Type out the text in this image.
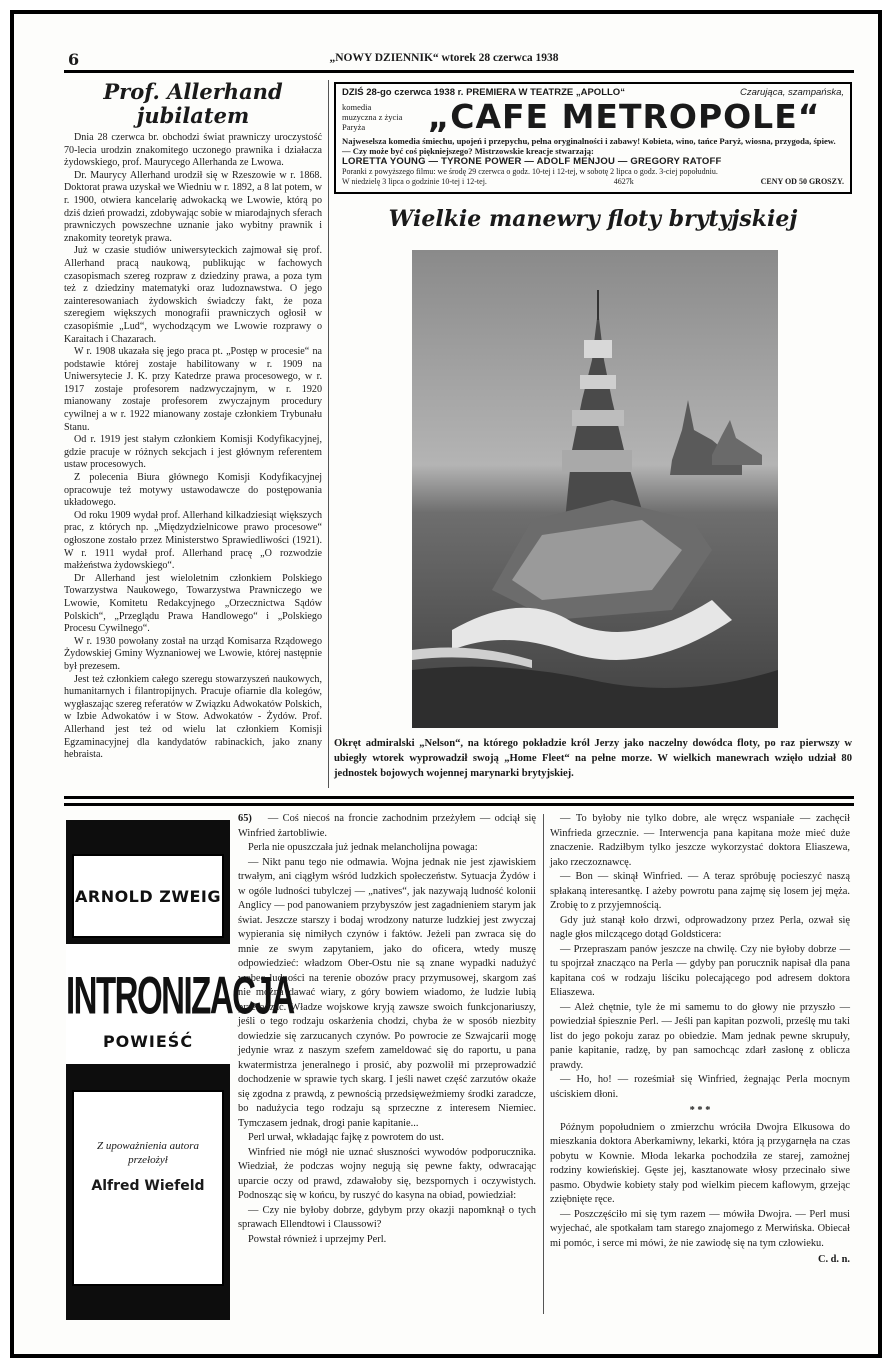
6	„NOWY DZIENNIK“ wtorek 28 czerwca 1938
Prof. Allerhand
jubilatem

Dnia 28 czerwca br. obchodzi świat prawniczy uroczystość 70-lecia urodzin znakomitego uczonego prawnika i działacza żydowskiego, prof. Maurycego Allerhanda ze Lwowa.

Dr. Maurycy Allerhand urodził się w Rzeszowie w r. 1868. Doktorat prawa uzyskał we Wiedniu w r. 1892, a 8 lat potem, w r. 1900, otwiera kancelarię adwokacką we Lwowie, którą po dziś dzień prowadzi, zdobywając sobie w miarodajnych sferach prawniczych powszechne uznanie jako wybitny prawnik i znakomity teoretyk prawa.

Już w czasie studiów uniwersyteckich zajmował się prof. Allerhand pracą naukową, publikując w fachowych czasopismach szereg rozpraw z dziedziny prawa, a poza tym też z dziedziny matematyki oraz ludoznawstwa. O jego zainteresowaniach żydowskich świadczy fakt, że poza szeregiem większych monografii prawniczych ogłosił w czasopiśmie „Lud“, wychodzącym we Lwowie rozprawy o Karaitach i Chazarach.

W r. 1908 ukazała się jego praca pt. „Postęp w procesie“ na podstawie której zostaje habilitowany w r. 1909 na Uniwersytecie J. K. przy Katedrze prawa procesowego, w r. 1917 zostaje profesorem nadzwyczajnym, w r. 1920 mianowany zostaje profesorem zwyczajnym procedury cywilnej a w r. 1922 mianowany zostaje członkiem Trybunału Stanu.

Od r. 1919 jest stałym członkiem Komisji Kodyfikacyjnej, gdzie pracuje w różnych sekcjach i jest głównym referentem ustaw procesowych.

Z polecenia Biura głównego Komisji Kodyfikacyjnej opracowuje też motywy ustawodawcze do postępowania układowego.

Od roku 1909 wydał prof. Allerhand kilkadziesiąt większych prac, z których np. „Międzydzielnicowe prawo procesowe“ ogłoszone zostało przez Ministerstwo Sprawiedliwości (1921). W r. 1911 wydał prof. Allerhand pracę „O rozwodzie małżeństwa żydowskiego“.

Dr Allerhand jest wieloletnim członkiem Polskiego Towarzystwa Naukowego, Towarzystwa Prawniczego we Lwowie, Komitetu Redakcyjnego „Orzecznictwa Sądów Polskich“, „Przeglądu Prawa Handlowego“ i „Polskiego Procesu Cywilnego“.

W r. 1930 powołany został na urząd Komisarza Rządowego Żydowskiej Gminy Wyznaniowej we Lwowie, której następnie był prezesem.

Jest też członkiem całego szeregu stowarzyszeń naukowych, humanitarnych i filantropijnych. Pracuje ofiarnie dla kolegów, wygłaszając szereg referatów w Związku Adwokatów Polskich, w Izbie Adwokatów i w Stow. Adwokatów - Żydów. Prof. Allerhand jest też od wielu lat członkiem Komisji Egzaminacyjnej dla kandydatów rabinackich, jako znany hebraista.

DZIŚ 28-go czerwca 1938 r. PREMIERA W TEATRZE „APOLLO“	Czarująca, szampańska,
komedia muzyczna z życia
Paryża	„CAFE METROPOLE“
Najweselsza komedia śmiechu, upojeń i przepychu, pełna oryginalności i zabawy! Kobieta, wino, tańce Paryż, wiosna, przygoda, śpiew. — Czy może być coś piękniejszego? Mistrzowskie kreacje stwarzają:
LORETTA YOUNG — TYRONE POWER — ADOLF MENJOU — GREGORY RATOFF
Poranki z powyższego filmu: we środę 29 czerwca o godz. 10-tej i 12-tej, w sobotę 2 lipca o godz. 3-ciej popołudniu.
W niedzielę 3 lipca o godzinie 10-tej i 12-tej.	4627k	CENY OD 50 GROSZY.
Wielkie manewry floty brytyjskiej
Okręt admiralski „Nelson“, na którego pokładzie król Jerzy jako naczelny dowódca floty, po raz pierwszy w ubiegły wtorek wyprowadził swoją „Home Fleet“ na pełne morze. W wielkich manewrach wzięło udział 80 jednostek bojowych wojennej marynarki brytyjskiej.
ARNOLD ZWEIG
INTRONIZACJA
POWIEŚĆ
Z upoważnienia autora
przełożył
Alfred Wiefeld
65)	— Coś niecoś na froncie zachodnim przeżyłem — odciął się Winfried żartobliwie.

Perla nie opuszczała już jednak melancholijna powaga:

— Nikt panu tego nie odmawia. Wojna jednak nie jest zjawiskiem trwałym, ani ciągłym wśród ludzkich społeczeństw. Sytuacja Żydów i w ogóle ludności tubylczej — „natives“, jak nazywają ludność kolonii Anglicy — pod panowaniem przybyszów jest zagadnieniem starym jak świat. Jeszcze starszy i bodaj wrodzony naturze ludzkiej jest zwyczaj wypierania się nimiłych czynów i faktów. Jeżeli pan zwraca się do mnie ze swym zapytaniem, jako do oficera, wtedy muszę odpowiedzieć: władzom Ober-Ostu nie są znane wypadki nadużyć wobec ludności na terenie obozów pracy przymusowej, skargom zaś nie można dawać wiary, z góry bowiem wiadomo, że ludzie lubią przesadzać. Władze wojskowe kryją zawsze swoich funkcjonariuszy, jeśli o tego rodzaju oskarżenia chodzi, chyba że w sposób niezbity dowiedzie się zarzucanych czynów. Po powrocie ze Szwajcarii mogę jedynie wraz z naszym szefem zameldować się do raportu, u pana kwatermistrza jeneralnego i prosić, aby pozwolił mi przeprowadzić dochodzenie w sprawie tych skarg. I jeśli nawet część zarzutów okaże się zgodna z prawdą, z pewnością przedsięweźmiemy środki zaradcze, bo nadużycia tego rodzaju są sprzeczne z interesem Niemiec. Tymczasem jednak, drogi panie kapitanie...

Perl urwał, wkładając fajkę z powrotem do ust.

Winfried nie mógł nie uznać słuszności wywodów podporucznika. Wiedział, że podczas wojny negują się pewne fakty, odwracając uparcie oczy od prawd, zdawałoby się, bezspornych i oczywistych. Podnosząc się w końcu, by ruszyć do kasyna na obiad, powiedział:

— Czy nie byłoby dobrze, gdybym przy okazji napomknął o tych sprawach Ellendtowi i Claussowi?

Powstał również i uprzejmy Perl.

— To byłoby nie tylko dobre, ale wręcz wspaniałe — zachęcił Winfrieda grzecznie. — Interwencja pana kapitana może mieć duże znaczenie. Radziłbym tylko jeszcze wykorzystać doktora Eliaszewa, jako rzeczoznawcę.

— Bon — skinął Winfried. — A teraz spróbuję pocieszyć naszą spłakaną interesantkę. I ażeby powrotu pana zajmę się losem jej męża. Zrobię to z przyjemnością.

Gdy już stanął koło drzwi, odprowadzony przez Perla, ozwał się nagle głos milczącego dotąd Goldsticera:

— Przepraszam panów jeszcze na chwilę. Czy nie byłoby dobrze — tu spojrzał znacząco na Perla — gdyby pan porucznik napisał dla pana kapitana coś w rodzaju liściku polecającego pod adresem doktora Eliaszewa.

— Ależ chętnie, tyle że mi samemu to do głowy nie przyszło — powiedział śpiesznie Perl. — Jeśli pan kapitan pozwoli, prześlę mu taki list do jego pokoju zaraz po obiedzie. Mam jednak pewne skrupuły, panie kapitanie, radzę, by pan samochcąc zdarł zasłonę z oblicza prawdy.

— Ho, ho! — roześmiał się Winfried, żegnając Perla mocnym uściskiem dłoni.

* * *

Późnym popołudniem o zmierzchu wróciła Dwojra Elkusowa do mieszkania doktora Aberkamiwny, lekarki, która ją przygarnęła na czas pobytu w Kownie. Młoda lekarka pochodziła ze starej, zamożnej rodziny kowieńskiej. Gęste jej, kasztanowate włosy przecinało siwe pasmo. Obydwie kobiety stały pod wielkim piecem kaflowym, grzejąc zziębnięte ręce.

— Poszczęściło mi się tym razem — mówiła Dwojra. — Perl musi wyjechać, ale spotkałam tam starego znajomego z Merwińska. Obiecał mi pomóc, i serce mi mówi, że nie zawiodę się na tym człowieku.

C. d. n.
